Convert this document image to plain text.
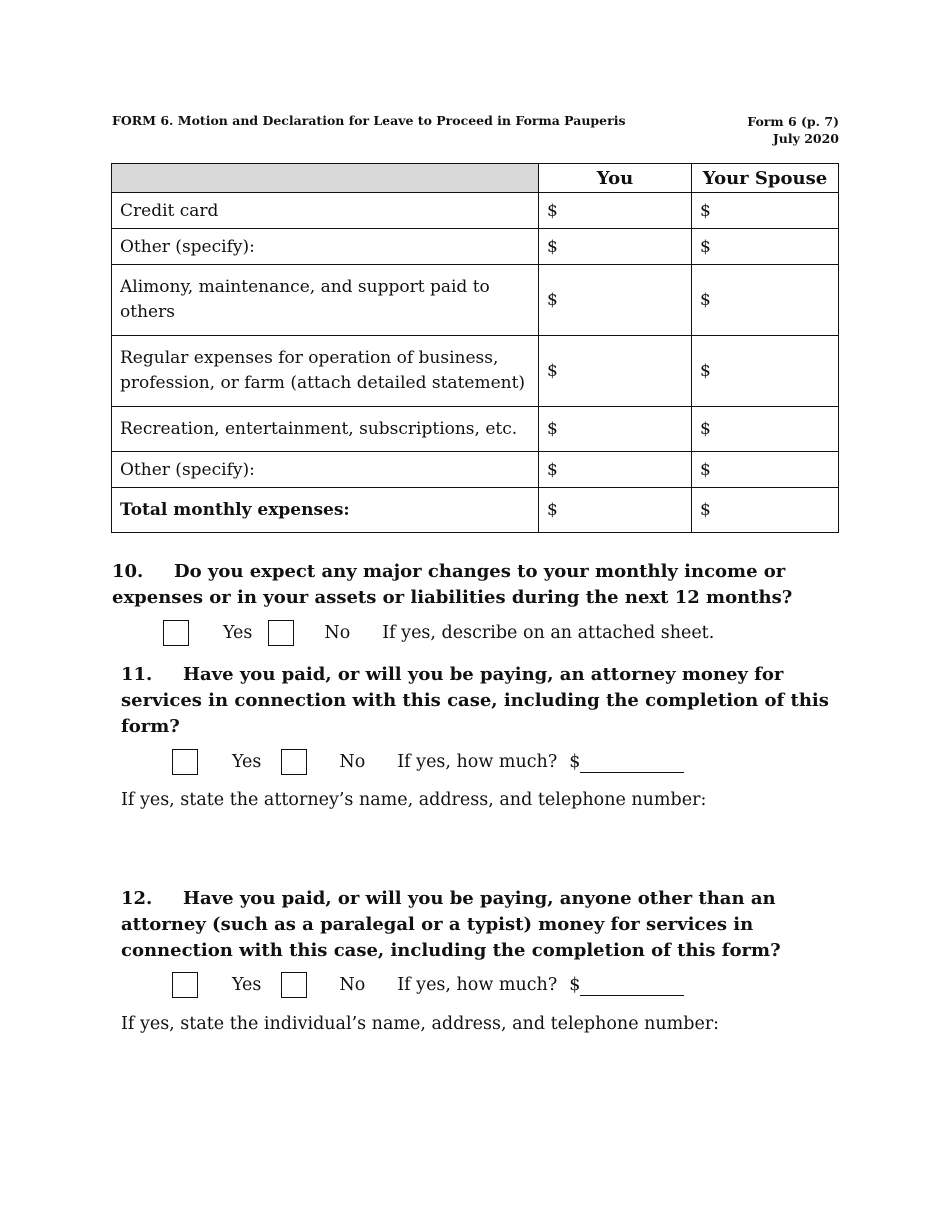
FORM 6. Motion and Declaration for Leave to Proceed in Forma Pauperis	Form 6 (p. 7)
July 2020
	You	Your Spouse
Credit card	$	$
Other (specify):	$	$
Alimony, maintenance, and support paid to others	$	$
Regular expenses for operation of business, profession, or farm (attach detailed statement)	$	$
Recreation, entertainment, subscriptions, etc.	$	$
Other (specify):	$	$
Total monthly expenses:	$	$
10. Do you expect any major changes to your monthly income or
expenses or in your assets or liabilities during the next 12 months?
Yes	No If yes, describe on an attached sheet.
11. Have you paid, or will you be paying, an attorney money for
services in connection with this case, including the completion of this
form?
Yes	No If yes, how much? $
If yes, state the attorney’s name, address, and telephone number:
12. Have you paid, or will you be paying, anyone other than an
attorney (such as a paralegal or a typist) money for services in
connection with this case, including the completion of this form?
Yes	No If yes, how much? $
If yes, state the individual’s name, address, and telephone number:
